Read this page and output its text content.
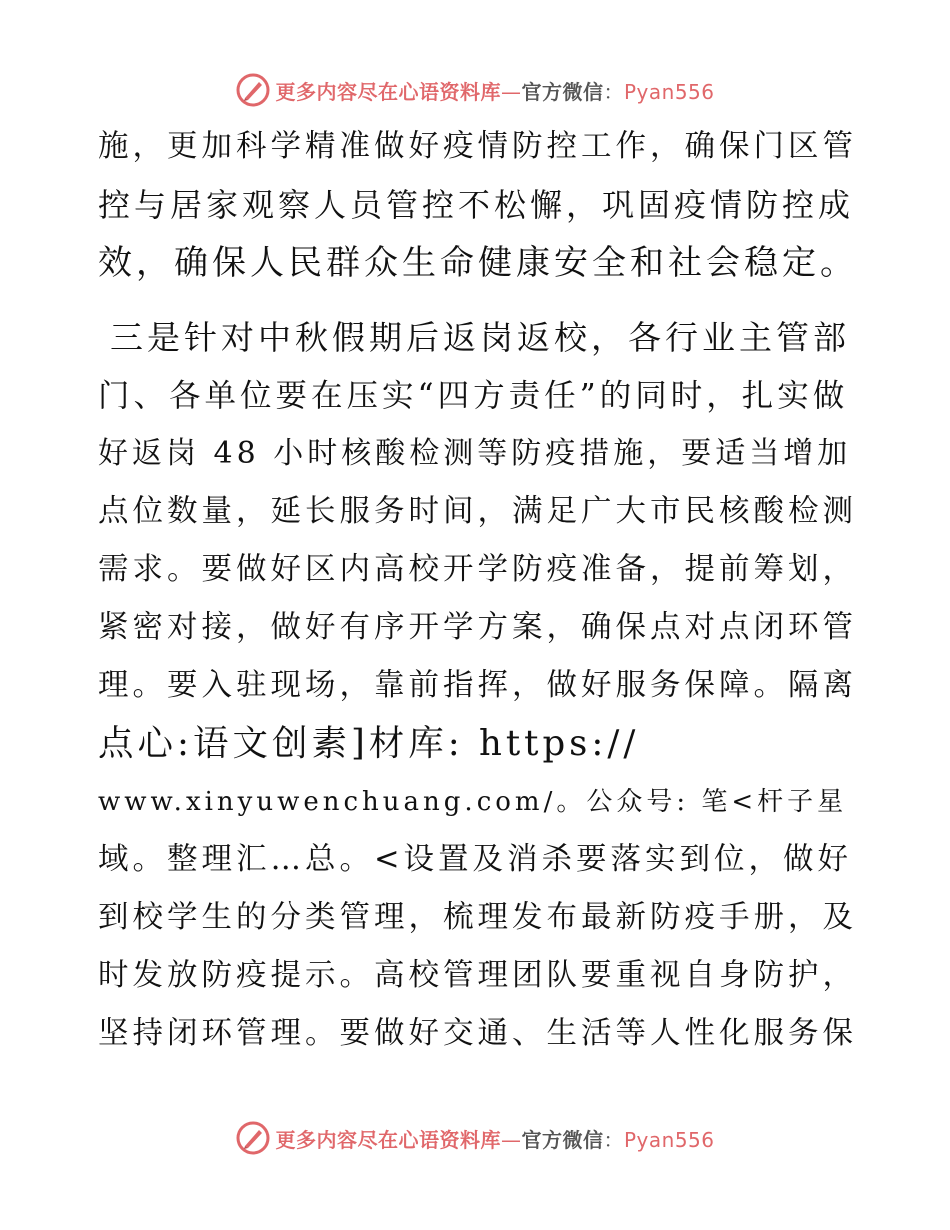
更多内容尽在心语资料库—官方微信：Pyan556
施，更加科学精准做好疫情防控工作，确保门区管
控与居家观察人员管控不松懈，巩固疫情防控成
效，确保人民群众生命健康安全和社会稳定。
三是针对中秋假期后返岗返校，各行业主管部
门、各单位要在压实“四方责任”的同时，扎实做
好返岗 48 小时核酸检测等防疫措施，要适当增加
点位数量，延长服务时间，满足广大市民核酸检测
需求。要做好区内高校开学防疫准备，提前筹划，
紧密对接，做好有序开学方案，确保点对点闭环管
理。要入驻现场，靠前指挥，做好服务保障。隔离
点心:语文创素]材库: https://
www.xinyuwenchuang.com/。公众号: 笔<杆子星
域。整理汇…总。<设置及消杀要落实到位，做好
到校学生的分类管理，梳理发布最新防疫手册，及
时发放防疫提示。高校管理团队要重视自身防护，
坚持闭环管理。要做好交通、生活等人性化服务保
更多内容尽在心语资料库—官方微信：Pyan556
